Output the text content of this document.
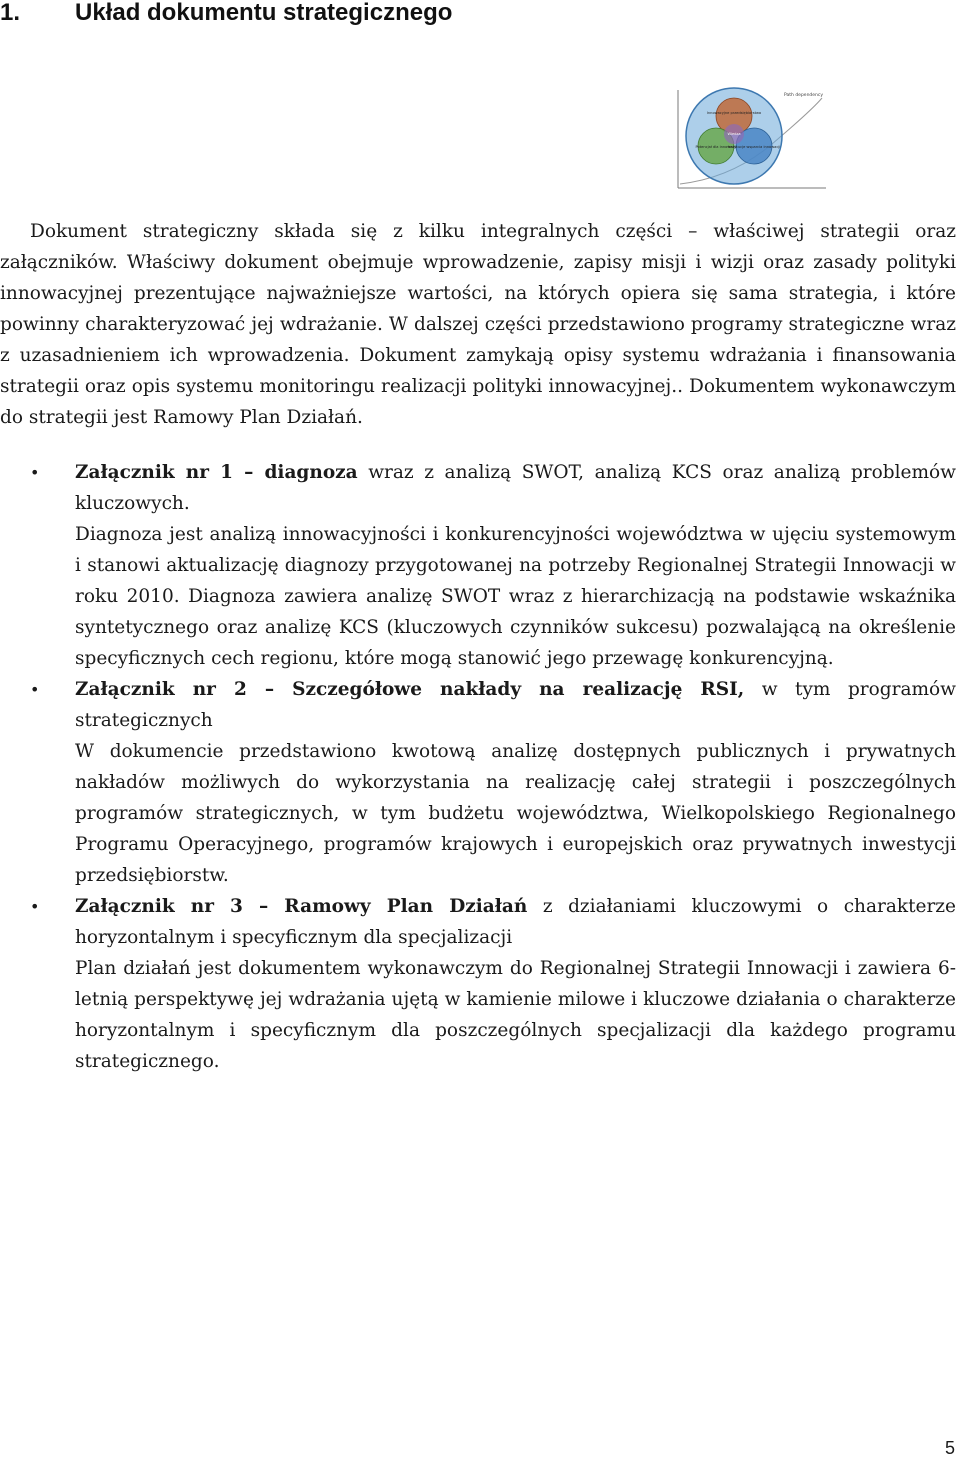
1. Układ dokumentu strategicznego
Path dependency
Innowacyjne przedsiębiorstwa
Potencjał dla innowacji
Instytucje wsparcia innowacji
Wiedza

Dokument strategiczny składa się z kilku integralnych części – właściwej strategii oraz załączników. Właściwy dokument obejmuje wprowadzenie, zapisy misji i wizji oraz zasady polityki innowacyjnej prezentujące najważniejsze wartości, na których opiera się sama strategia, i które powinny charakteryzować jej wdrażanie. W dalszej części przedstawiono programy strategiczne wraz z uzasadnieniem ich wprowadzenia. Dokument zamykają opisy systemu wdrażania i finansowania strategii oraz opis systemu monitoringu realizacji polityki innowacyjnej.. Dokumentem wykonawczym do strategii jest Ramowy Plan Działań.

• Załącznik nr 1 – diagnoza wraz z analizą SWOT, analizą KCS oraz analizą problemów kluczowych.

Diagnoza jest analizą innowacyjności i konkurencyjności województwa w ujęciu systemowym i stanowi aktualizację diagnozy przygotowanej na potrzeby Regionalnej Strategii Innowacji w roku 2010. Diagnoza zawiera analizę SWOT wraz z hierarchizacją na podstawie wskaźnika syntetycznego oraz analizę KCS (kluczowych czynników sukcesu) pozwalającą na określenie specyficznych cech regionu, które mogą stanowić jego przewagę konkurencyjną.

• Załącznik nr 2 – Szczegółowe nakłady na realizację RSI, w tym programów strategicznych

W dokumencie przedstawiono kwotową analizę dostępnych publicznych i prywatnych nakładów możliwych do wykorzystania na realizację całej strategii i poszczególnych programów strategicznych, w tym budżetu województwa, Wielkopolskiego Regionalnego Programu Operacyjnego, programów krajowych i europejskich oraz prywatnych inwestycji przedsiębiorstw.

• Załącznik nr 3 – Ramowy Plan Działań z działaniami kluczowymi o charakterze horyzontalnym i specyficznym dla specjalizacji

Plan działań jest dokumentem wykonawczym do Regionalnej Strategii Innowacji i zawiera 6-letnią perspektywę jej wdrażania ujętą w kamienie milowe i kluczowe działania o charakterze horyzontalnym i specyficznym dla poszczególnych specjalizacji dla każdego programu strategicznego.

5
